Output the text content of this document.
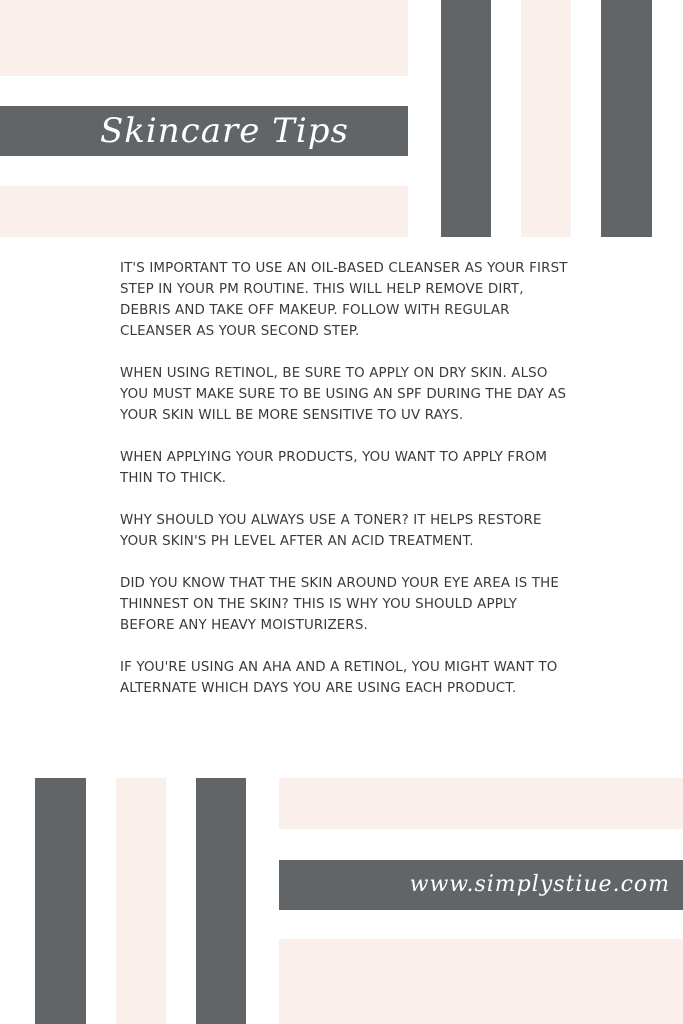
Skincare Tips

IT'S IMPORTANT TO USE AN OIL-BASED CLEANSER AS YOUR FIRST STEP IN YOUR PM ROUTINE. THIS WILL HELP REMOVE DIRT, DEBRIS AND TAKE OFF MAKEUP. FOLLOW WITH REGULAR CLEANSER AS YOUR SECOND STEP.

WHEN USING RETINOL, BE SURE TO APPLY ON DRY SKIN. ALSO YOU MUST MAKE SURE TO BE USING AN SPF DURING THE DAY AS YOUR SKIN WILL BE MORE SENSITIVE TO UV RAYS.

WHEN APPLYING YOUR PRODUCTS, YOU WANT TO APPLY FROM THIN TO THICK.

WHY SHOULD YOU ALWAYS USE A TONER? IT HELPS RESTORE YOUR SKIN'S PH LEVEL AFTER AN ACID TREATMENT.

DID YOU KNOW THAT THE SKIN AROUND YOUR EYE AREA IS THE THINNEST ON THE SKIN? THIS IS WHY YOU SHOULD APPLY BEFORE ANY HEAVY MOISTURIZERS.

IF YOU'RE USING AN AHA AND A RETINOL, YOU MIGHT WANT TO ALTERNATE WHICH DAYS YOU ARE USING EACH PRODUCT.

www.simplystiue.com
